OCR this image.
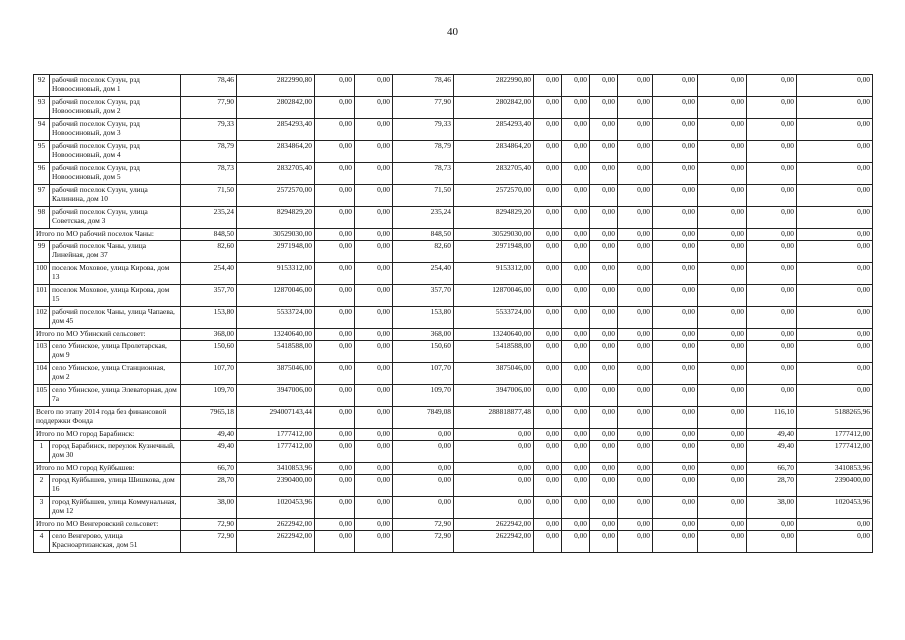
40
92	рабочий поселок Сузун, рзд Новоосиновый, дом 1	78,46	2822990,80	0,00	0,00	78,46	2822990,80	0,00	0,00	0,00	0,00	0,00	0,00	0,00	0,00
93	рабочий поселок Сузун, рзд Новоосиновый, дом 2	77,90	2802842,00	0,00	0,00	77,90	2802842,00	0,00	0,00	0,00	0,00	0,00	0,00	0,00	0,00
94	рабочий поселок Сузун, рзд Новоосиновый, дом 3	79,33	2854293,40	0,00	0,00	79,33	2854293,40	0,00	0,00	0,00	0,00	0,00	0,00	0,00	0,00
95	рабочий поселок Сузун, рзд Новоосиновый, дом 4	78,79	2834864,20	0,00	0,00	78,79	2834864,20	0,00	0,00	0,00	0,00	0,00	0,00	0,00	0,00
96	рабочий поселок Сузун, рзд Новоосиновый, дом 5	78,73	2832705,40	0,00	0,00	78,73	2832705,40	0,00	0,00	0,00	0,00	0,00	0,00	0,00	0,00
97	рабочий поселок Сузун, улица Калинина, дом 10	71,50	2572570,00	0,00	0,00	71,50	2572570,00	0,00	0,00	0,00	0,00	0,00	0,00	0,00	0,00
98	рабочий поселок Сузун, улица Советская, дом 3	235,24	8294829,20	0,00	0,00	235,24	8294829,20	0,00	0,00	0,00	0,00	0,00	0,00	0,00	0,00
Итого по МО рабочий поселок Чаны:		848,50	30529030,00	0,00	0,00	848,50	30529030,00	0,00	0,00	0,00	0,00	0,00	0,00	0,00	0,00
99	рабочий поселок Чаны, улица Линейная, дом 37	82,60	2971948,00	0,00	0,00	82,60	2971948,00	0,00	0,00	0,00	0,00	0,00	0,00	0,00	0,00
100	поселок Моховое, улица Кирова, дом 13	254,40	9153312,00	0,00	0,00	254,40	9153312,00	0,00	0,00	0,00	0,00	0,00	0,00	0,00	0,00
101	поселок Моховое, улица Кирова, дом 15	357,70	12870046,00	0,00	0,00	357,70	12870046,00	0,00	0,00	0,00	0,00	0,00	0,00	0,00	0,00
102	рабочий поселок Чаны, улица Чапаева, дом 45	153,80	5533724,00	0,00	0,00	153,80	5533724,00	0,00	0,00	0,00	0,00	0,00	0,00	0,00	0,00
Итого по МО Убинский сельсовет:		368,00	13240640,00	0,00	0,00	368,00	13240640,00	0,00	0,00	0,00	0,00	0,00	0,00	0,00	0,00
103	село Убинское, улица Пролетарская, дом 9	150,60	5418588,00	0,00	0,00	150,60	5418588,00	0,00	0,00	0,00	0,00	0,00	0,00	0,00	0,00
104	село Убинское, улица Станционная, дом 2	107,70	3875046,00	0,00	0,00	107,70	3875046,00	0,00	0,00	0,00	0,00	0,00	0,00	0,00	0,00
105	село Убинское, улица Элеваторная, дом 7а	109,70	3947006,00	0,00	0,00	109,70	3947006,00	0,00	0,00	0,00	0,00	0,00	0,00	0,00	0,00
Всего по этапу 2014 года без финансовой поддержки Фонда		7965,18	294007143,44	0,00	0,00	7849,08	288818877,48	0,00	0,00	0,00	0,00	0,00	0,00	116,10	5188265,96
Итого по МО город Барабинск:		49,40	1777412,00	0,00	0,00	0,00	0,00	0,00	0,00	0,00	0,00	0,00	0,00	49,40	1777412,00
1	город Барабинск, переулок Кузнечный, дом 30	49,40	1777412,00	0,00	0,00	0,00	0,00	0,00	0,00	0,00	0,00	0,00	0,00	49,40	1777412,00
Итого по МО город Куйбышев:		66,70	3410853,96	0,00	0,00	0,00	0,00	0,00	0,00	0,00	0,00	0,00	0,00	66,70	3410853,96
2	город Куйбышев, улица Шишкова, дом 16	28,70	2390400,00	0,00	0,00	0,00	0,00	0,00	0,00	0,00	0,00	0,00	0,00	28,70	2390400,00
3	город Куйбышев, улица Коммунальная, дом 12	38,00	1020453,96	0,00	0,00	0,00	0,00	0,00	0,00	0,00	0,00	0,00	0,00	38,00	1020453,96
Итого по МО Венгеровский сельсовет:		72,90	2622942,00	0,00	0,00	72,90	2622942,00	0,00	0,00	0,00	0,00	0,00	0,00	0,00	0,00
4	село Венгерово, улица Красноартизанская, дом 51	72,90	2622942,00	0,00	0,00	72,90	2622942,00	0,00	0,00	0,00	0,00	0,00	0,00	0,00	0,00
